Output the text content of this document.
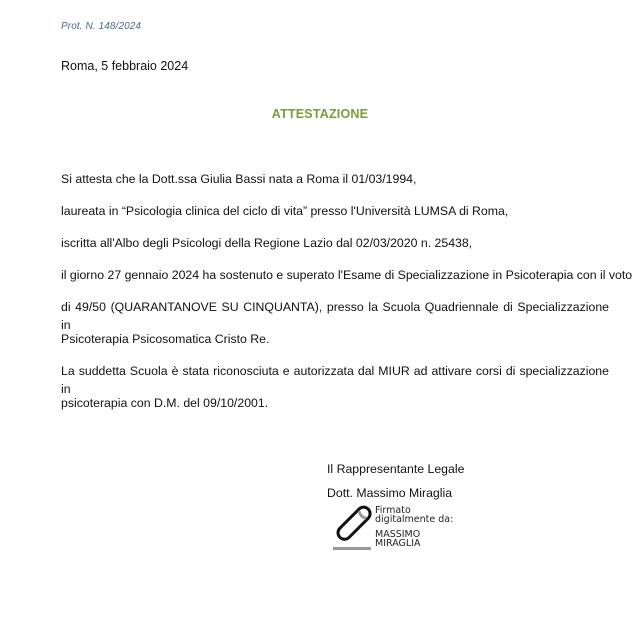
Prot. N. 148/2024
Roma, 5 febbraio 2024
ATTESTAZIONE
Si attesta che la Dott.ssa Giulia Bassi nata a Roma il 01/03/1994,
laureata in “Psicologia clinica del ciclo di vita” presso l'Università LUMSA di Roma,
iscritta all'Albo degli Psicologi della Regione Lazio dal 02/03/2020 n. 25438,
il giorno 27 gennaio 2024 ha sostenuto e superato l'Esame di Specializzazione in Psicoterapia con il voto
di 49/50 (QUARANTANOVE SU CINQUANTA), presso la Scuola Quadriennale di Specializzazione in
Psicoterapia Psicosomatica Cristo Re.
La suddetta Scuola è stata riconosciuta e autorizzata dal MIUR ad attivare corsi di specializzazione in
psicoterapia con D.M. del 09/10/2001.
Il Rappresentante Legale
Dott. Massimo Miraglia
Firmato
digitalmente da:
MASSIMO
MIRAGLIA
